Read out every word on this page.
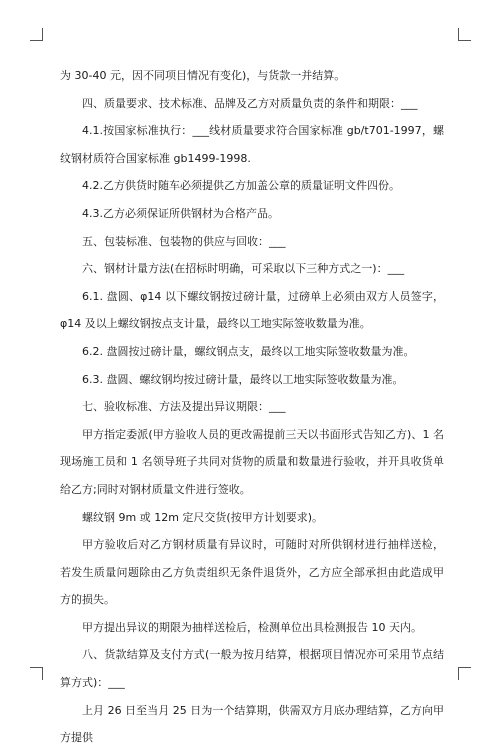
为 30-40 元，因不同项目情况有变化)，与货款一并结算。

四、质量要求、技术标准、品牌及乙方对质量负责的条件和期限：___

4.1.按国家标准执行：___线材质量要求符合国家标准 gb/t701-1997，螺纹钢材质符合国家标准 gb1499-1998.

4.2.乙方供货时随车必须提供乙方加盖公章的质量证明文件四份。

4.3.乙方必须保证所供钢材为合格产品。

五、包装标准、包装物的供应与回收：___

六、钢材计量方法(在招标时明确，可采取以下三种方式之一)：___

6.1. 盘圆、φ14 以下螺纹钢按过磅计量，过磅单上必须由双方人员签字，φ14 及以上螺纹钢按点支计量，最终以工地实际签收数量为准。

6.2. 盘圆按过磅计量，螺纹钢点支，最终以工地实际签收数量为准。

6.3. 盘圆、螺纹钢均按过磅计量，最终以工地实际签收数量为准。

七、验收标准、方法及提出异议期限：___

甲方指定委派(甲方验收人员的更改需提前三天以书面形式告知乙方)、1 名现场施工员和 1 名领导班子共同对货物的质量和数量进行验收，并开具收货单给乙方;同时对钢材质量文件进行签收。

螺纹钢 9m 或 12m 定尺交货(按甲方计划要求)。

甲方验收后对乙方钢材质量有异议时，可随时对所供钢材进行抽样送检，若发生质量问题除由乙方负责组织无条件退货外，乙方应全部承担由此造成甲方的损失。

甲方提出异议的期限为抽样送检后，检测单位出具检测报告 10 天内。

八、货款结算及支付方式(一般为按月结算，根据项目情况亦可采用节点结算方式)：___

上月 26 日至当月 25 日为一个结算期，供需双方月底办理结算，乙方向甲方提供
